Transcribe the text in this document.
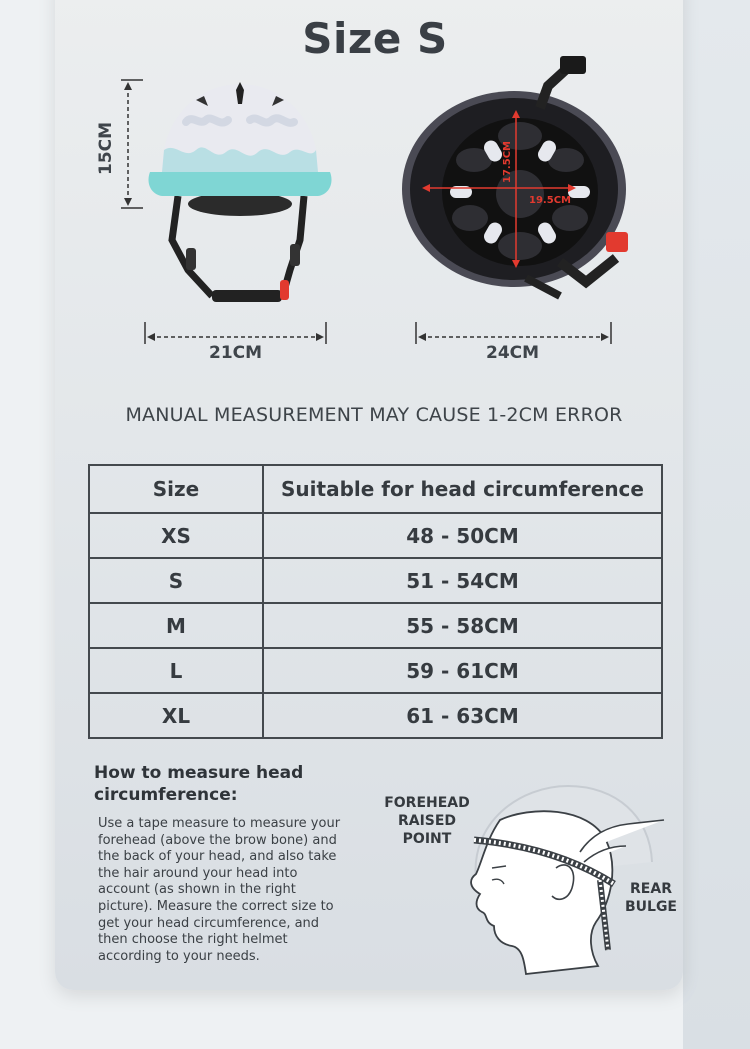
Size S
17.5CM
19.5CM
15CM
21CM	24CM
MANUAL MEASUREMENT MAY CAUSE 1-2CM ERROR
Size	Suitable for head circumference
XS	48 - 50CM
S	51 - 54CM
M	55 - 58CM
L	59 - 61CM
XL	61 - 63CM
How to measure head circumference:
Use a tape measure to measure your forehead (above the brow bone) and the back of your head, and also take the hair around your head into account (as shown in the right picture). Measure the correct size to get your head circumference, and then choose the right helmet according to your needs.
FOREHEAD RAISED POINT
REAR BULGE
